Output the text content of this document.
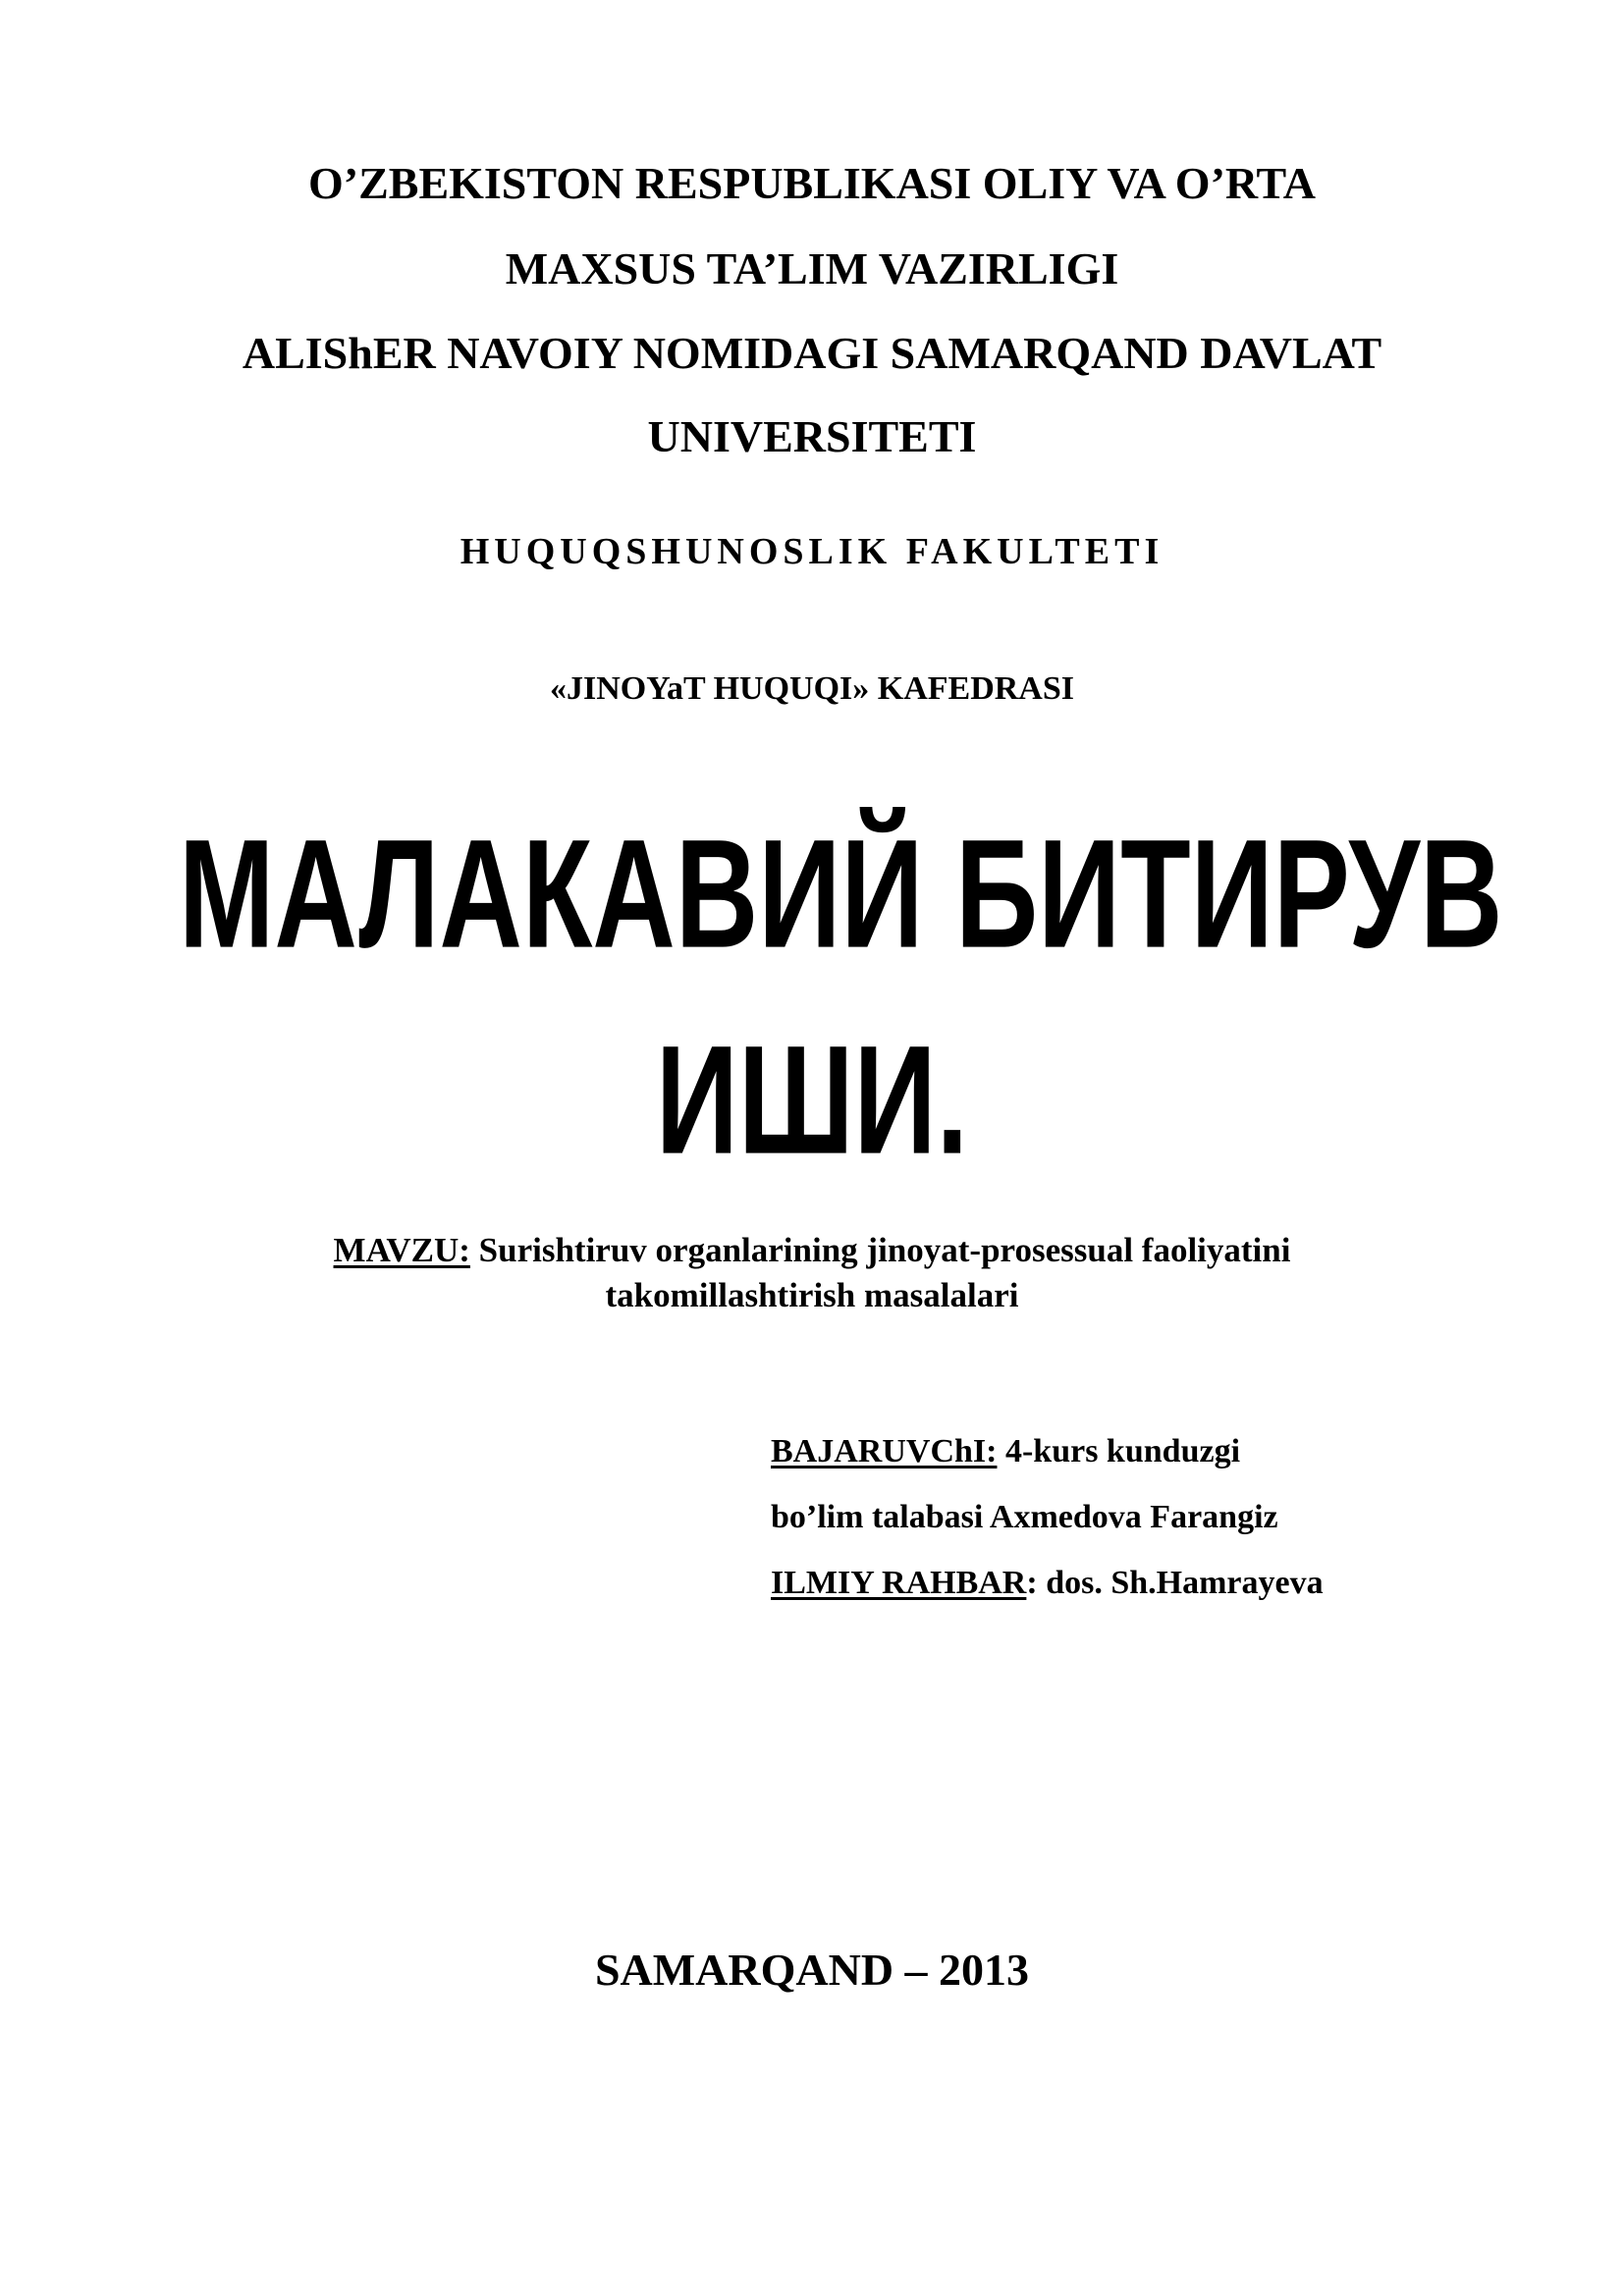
O’ZBEKISTON RESPUBLIKASI OLIY VA O’RTA
MAXSUS TA’LIM VAZIRLIGI
ALIShER NAVOIY NOMIDAGI SAMARQAND DAVLAT
UNIVERSITETI
HUQUQSHUNOSLIK FAKULTETI
«JINOYaT HUQUQI» KAFEDRASI
МАЛАКАВИЙ БИТИРУВ
ИШИ.
MAVZU: Surishtiruv organlarining jinoyat-prosessual faoliyatini
takomillashtirish masalalari
BAJARUVChI: 4-kurs kunduzgi
bo’lim talabasi Axmedova Farangiz
ILMIY RAHBAR: dos. Sh.Hamrayeva
SAMARQAND – 2013
